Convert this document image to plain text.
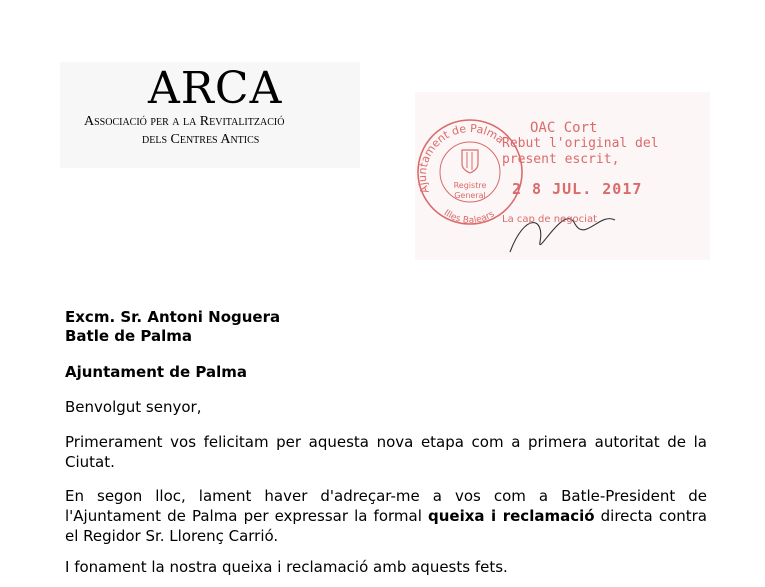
ARCA
Associació per a la Revitalització
dels Centres Antics
Registre
General
Ajuntament de Palma
Illes Balears
OAC Cort
Rebut l'original del
present escrit,
2 8 JUL. 2017
La cap de negociat
Excm. Sr. Antoni Noguera
Batle de Palma
Ajuntament de Palma
Benvolgut senyor,
Primerament vos felicitam per aquesta nova etapa com a primera autoritat de la Ciutat.
En segon lloc, lament haver d'adreçar-me a vos com a Batle-President de l'Ajuntament de Palma per expressar la formal queixa i reclamació directa contra el Regidor Sr. Llorenç Carrió.
I fonament la nostra queixa i reclamació amb aquests fets.
